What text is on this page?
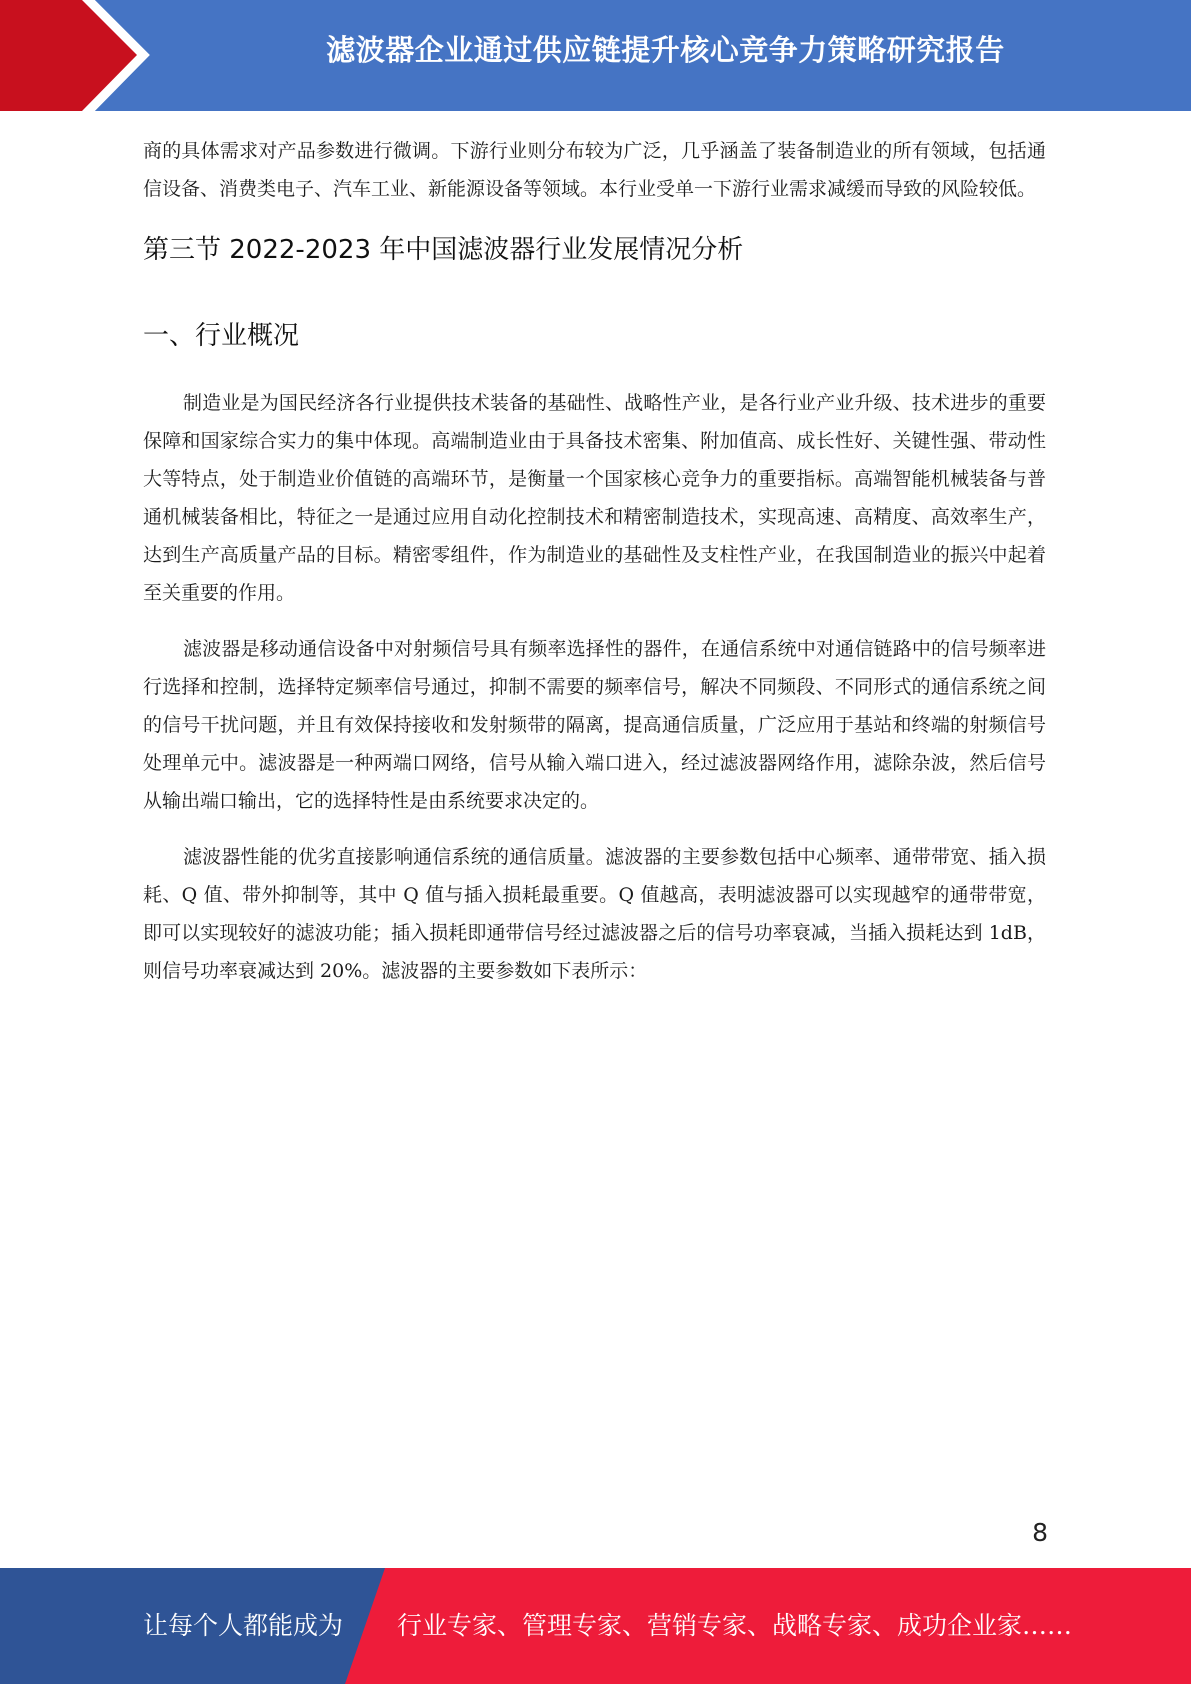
滤波器企业通过供应链提升核心竞争力策略研究报告

商的具体需求对产品参数进行微调。下游行业则分布较为广泛，几乎涵盖了装备制造业的所有领域，包括通信设备、消费类电子、汽车工业、新能源设备等领域。本行业受单一下游行业需求减缓而导致的风险较低。

第三节 2022-2023 年中国滤波器行业发展情况分析
一、行业概况

制造业是为国民经济各行业提供技术装备的基础性、战略性产业，是各行业产业升级、技术进步的重要保障和国家综合实力的集中体现。高端制造业由于具备技术密集、附加值高、成长性好、关键性强、带动性大等特点，处于制造业价值链的高端环节，是衡量一个国家核心竞争力的重要指标。高端智能机械装备与普通机械装备相比，特征之一是通过应用自动化控制技术和精密制造技术，实现高速、高精度、高效率生产，达到生产高质量产品的目标。精密零组件，作为制造业的基础性及支柱性产业，在我国制造业的振兴中起着至关重要的作用。

滤波器是移动通信设备中对射频信号具有频率选择性的器件，在通信系统中对通信链路中的信号频率进行选择和控制，选择特定频率信号通过，抑制不需要的频率信号，解决不同频段、不同形式的通信系统之间的信号干扰问题，并且有效保持接收和发射频带的隔离，提高通信质量，广泛应用于基站和终端的射频信号处理单元中。滤波器是一种两端口网络，信号从输入端口进入，经过滤波器网络作用，滤除杂波，然后信号从输出端口输出，它的选择特性是由系统要求决定的。

滤波器性能的优劣直接影响通信系统的通信质量。滤波器的主要参数包括中心频率、通带带宽、插入损耗、Q 值、带外抑制等，其中 Q 值与插入损耗最重要。Q 值越高，表明滤波器可以实现越窄的通带带宽，即可以实现较好的滤波功能；插入损耗即通带信号经过滤波器之后的信号功率衰减，当插入损耗达到 1dB，则信号功率衰减达到 20%。滤波器的主要参数如下表所示：

8
让每个人都能成为 行业专家、管理专家、营销专家、战略专家、成功企业家……
